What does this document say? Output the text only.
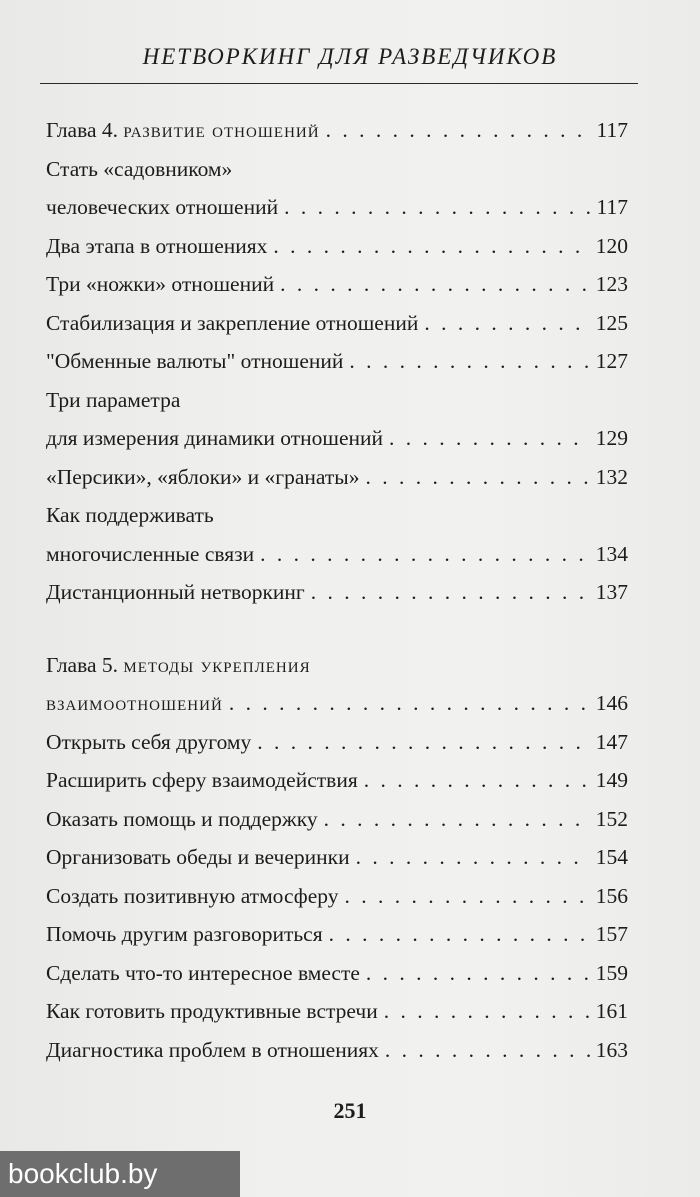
НЕТВОРКИНГ ДЛЯ РАЗВЕДЧИКОВ
Глава 4. развитие отношений . . .	117
Стать «садовником»
человеческих отношений . . .	117
Два этапа в отношениях . . .	120
Три «ножки» отношений . . .	123
Стабилизация и закрепление отношений . . .	125
"Обменные валюты" отношений . . .	127
Три параметра
для измерения динамики отношений . . .	129
«Персики», «яблоки» и «гранаты» . . .	132
Как поддерживать
многочисленные связи . . .	134
Дистанционный нетворкинг . . .	137
Глава 5. методы укрепления
взаимоотношений . . .	146
Открыть себя другому . . .	147
Расширить сферу взаимодействия . . .	149
Оказать помощь и поддержку . . .	152
Организовать обеды и вечеринки . . .	154
Создать позитивную атмосферу . . .	156
Помочь другим разговориться . . .	157
Сделать что-то интересное вместе . . .	159
Как готовить продуктивные встречи . . .	161
Диагностика проблем в отношениях . . .	163
251
bookclub.by
